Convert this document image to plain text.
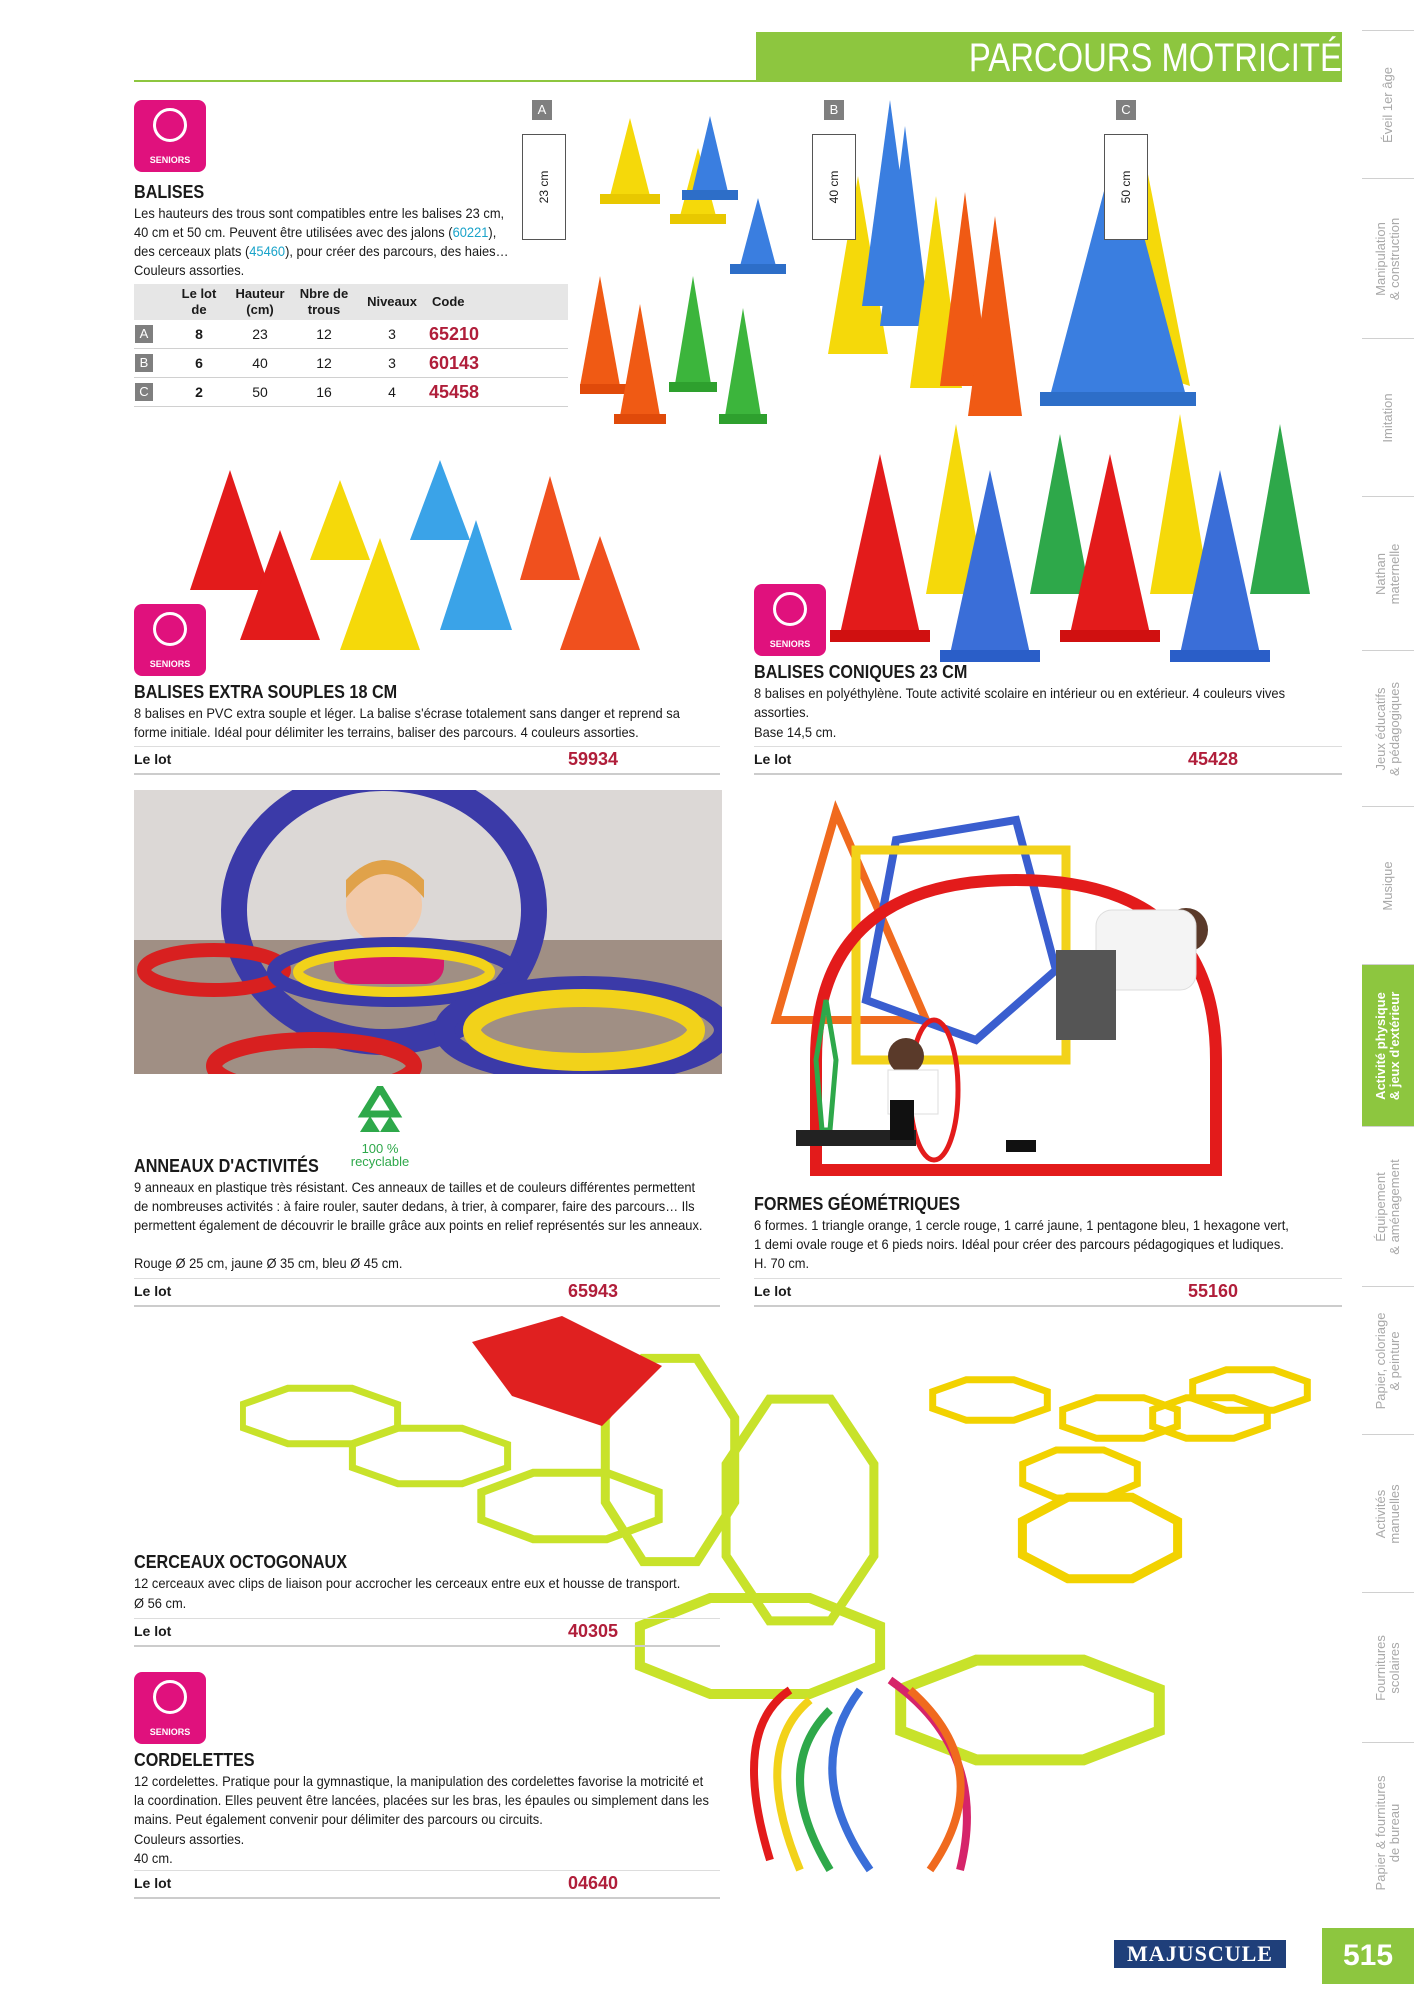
PARCOURS MOTRICITÉ
Éveil 1er âge
Manipulation
& construction
Imitation
Nathan
maternelle
Jeux éducatifs
& pédagogiques
Musique
Activité physique
& jeux d'extérieur
Équipement
& aménagement
Papier, coloriage
& peinture
Activités
manuelles
Fournitures
scolaires
Papier & fournitures
de bureau
SENIORS
BALISES
Les hauteurs des trous sont compatibles entre les balises 23 cm, 40 cm et 50 cm. Peuvent être utilisées avec des jalons (60221), des cerceaux plats (45460), pour créer des parcours, des haies… Couleurs assorties.
	Le lot de	Hauteur (cm)	Nbre de trous	Niveaux	Code
A	8	23	12	3	65210
B	6	40	12	3	60143
C	2	50	16	4	45458
A	B	C
23 cm	40 cm	50 cm
SENIORS
BALISES EXTRA SOUPLES 18 CM
8 balises en PVC extra souple et léger. La balise s'écrase totalement sans danger et reprend sa forme initiale. Idéal pour délimiter les terrains, baliser des parcours. 4 couleurs assorties.
Le lot	59934
SENIORS
BALISES CONIQUES 23 CM
8 balises en polyéthylène. Toute activité scolaire en intérieur ou en extérieur. 4 couleurs vives assorties.
Base 14,5 cm.
Le lot	45428
100 %
recyclable
ANNEAUX D'ACTIVITÉS
9 anneaux en plastique très résistant. Ces anneaux de tailles et de couleurs différentes permettent de nombreuses activités : à faire rouler, sauter dedans, à trier, à comparer, faire des parcours… Ils permettent également de découvrir le braille grâce aux points en relief représentés sur les anneaux.
Rouge Ø 25 cm, jaune Ø 35 cm, bleu Ø 45 cm.
Le lot	65943
FORMES GÉOMÉTRIQUES
6 formes. 1 triangle orange, 1 cercle rouge, 1 carré jaune, 1 pentagone bleu, 1 hexagone vert, 1 demi ovale rouge et 6 pieds noirs. Idéal pour créer des parcours pédagogiques et ludiques.
H. 70 cm.
Le lot	55160
CERCEAUX OCTOGONAUX
12 cerceaux avec clips de liaison pour accrocher les cerceaux entre eux et housse de transport.
Ø 56 cm.
Le lot	40305
SENIORS
CORDELETTES
12 cordelettes. Pratique pour la gymnastique, la manipulation des cordelettes favorise la motricité et la coordination. Elles peuvent être lancées, placées sur les bras, les épaules ou simplement dans les mains. Peut également convenir pour délimiter des parcours ou circuits.
Couleurs assorties.
40 cm.
Le lot	04640
MAJUSCULE	515
